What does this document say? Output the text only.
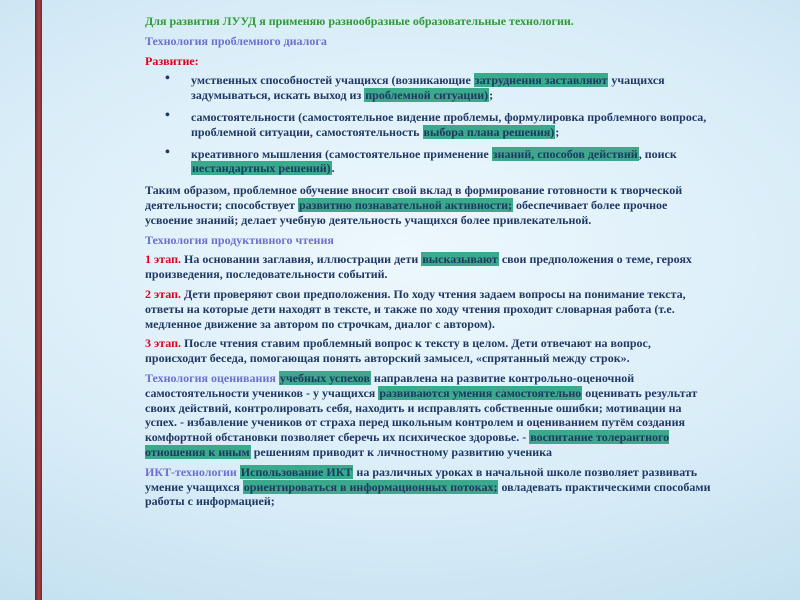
Для развития ЛУУД я применяю разнообразные образовательные технологии.

Технология проблемного диалога

Развитие:

• умственных способностей учащихся (возникающие затруднения заставляют учащихся задумываться, искать выход из проблемной ситуации);
• самостоятельности (самостоятельное видение проблемы, формулировка проблемного вопроса, проблемной ситуации, самостоятельность выбора плана решения);
• креативного мышления (самостоятельное применение знаний, способов действий, поиск нестандартных решений).

Таким образом, проблемное обучение вносит свой вклад в формирование готовности к творческой деятельности; способствует развитию познавательной активности; обеспечивает более прочное усвоение знаний; делает учебную деятельность учащихся более привлекательной.

Технология продуктивного чтения

1 этап. На основании заглавия, иллюстрации дети высказывают свои предположения о теме, героях произведения, последовательности событий.

2 этап. Дети проверяют свои предположения. По ходу чтения задаем вопросы на понимание текста, ответы на которые дети находят в тексте, и также по ходу чтения проходит словарная работа (т.е. медленное движение за автором по строчкам, диалог с автором).

3 этап. После чтения ставим проблемный вопрос к тексту в целом. Дети отвечают на вопрос, происходит беседа, помогающая понять авторский замысел, «спрятанный между строк».

Технология оценивания учебных успехов направлена на развитие контрольно-оценочной самостоятельности учеников - у учащихся развиваются умения самостоятельно оценивать результат своих действий, контролировать себя, находить и исправлять собственные ошибки; мотивации на успех. - избавление учеников от страха перед школьным контролем и оцениванием путём создания комфортной обстановки позволяет сберечь их психическое здоровье. - воспитание толерантного отношения к иным решениям приводит к личностному развитию ученика

ИКТ-технологии Использование ИКТ на различных уроках в начальной школе позволяет развивать умение учащихся ориентироваться в информационных потоках; овладевать практическими способами работы с информацией;
